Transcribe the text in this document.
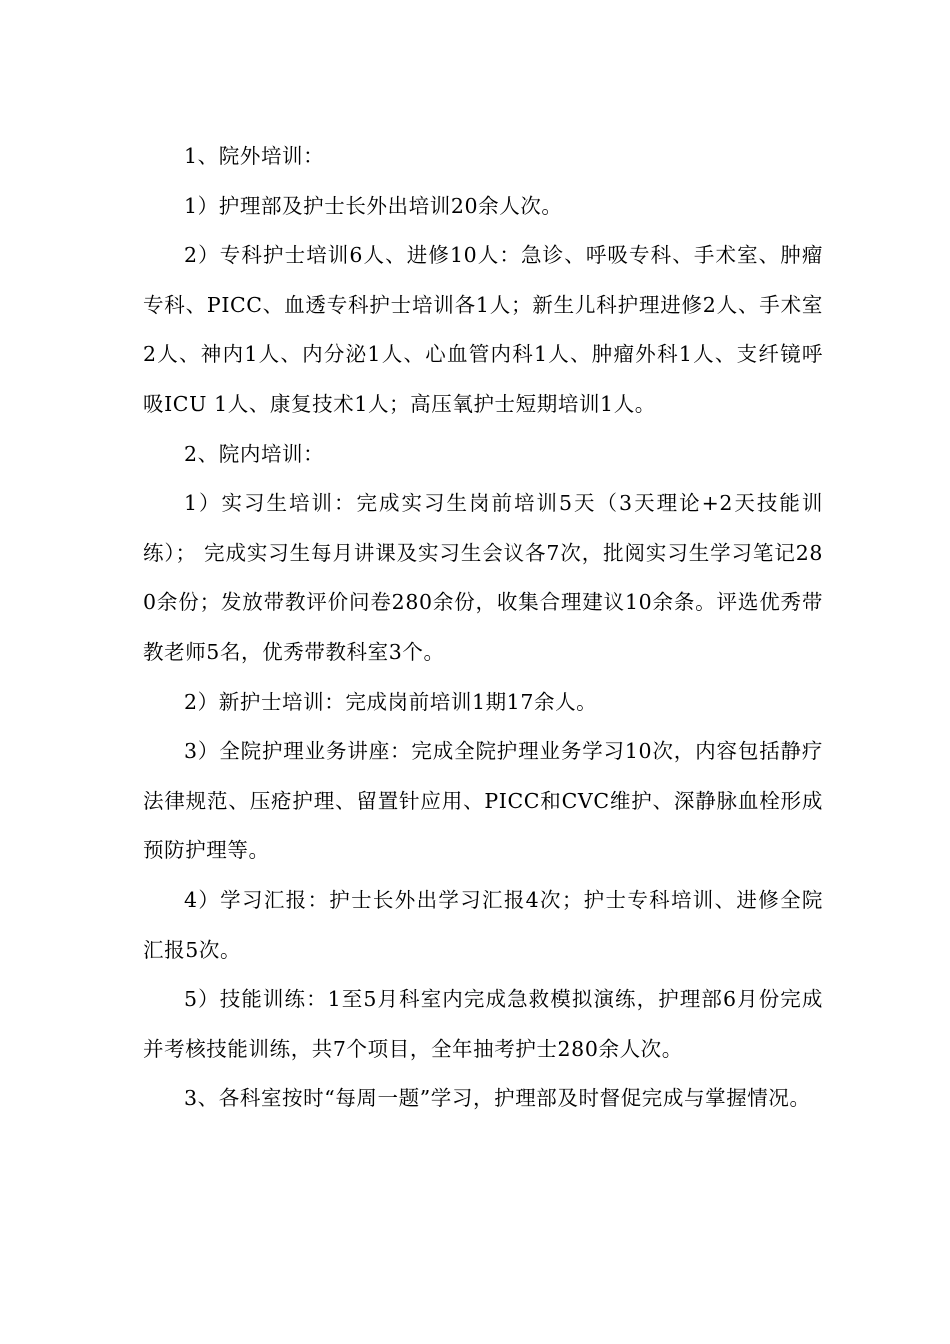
1、院外培训：

1）护理部及护士长外出培训20余人次。

2）专科护士培训6人、进修10人：急诊、呼吸专科、手术室、肿瘤专科、PICC、血透专科护士培训各1人；新生儿科护理进修2人、手术室2人、神内1人、内分泌1人、心血管内科1人、肿瘤外科1人、支纤镜呼吸ICU 1人、康复技术1人；高压氧护士短期培训1人。

2、院内培训：

1）实习生培训：完成实习生岗前培训5天（3天理论+2天技能训练）； 完成实习生每月讲课及实习生会议各7次，批阅实习生学习笔记280余份；发放带教评价问卷280余份，收集合理建议10余条。评选优秀带教老师5名，优秀带教科室3个。

2）新护士培训：完成岗前培训1期17余人。

3）全院护理业务讲座：完成全院护理业务学习10次，内容包括静疗法律规范、压疮护理、留置针应用、PICC和CVC维护、深静脉血栓形成预防护理等。

4）学习汇报：护士长外出学习汇报4次；护士专科培训、进修全院汇报5次。

5）技能训练：1至5月科室内完成急救模拟演练，护理部6月份完成并考核技能训练，共7个项目，全年抽考护士280余人次。

3、各科室按时“每周一题”学习，护理部及时督促完成与掌握情况。
